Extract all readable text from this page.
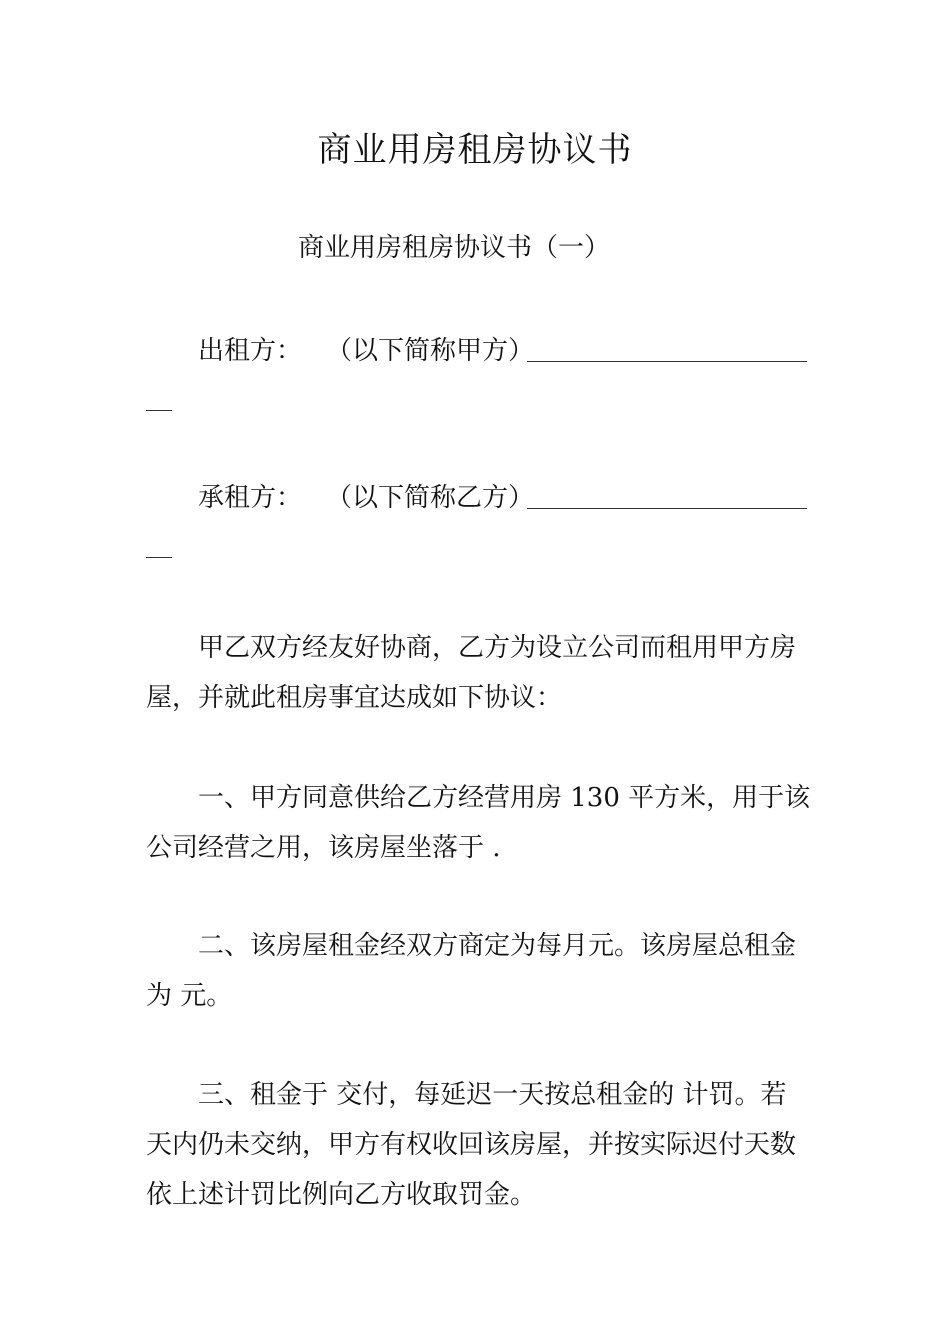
商业用房租房协议书
商业用房租房协议书（一）
出租方： （以下简称甲方）
承租方： （以下简称乙方）
甲乙双方经友好协商，乙方为设立公司而租用甲方房
屋，并就此租房事宜达成如下协议：
一、甲方同意供给乙方经营用房 130 平方米，用于该
公司经营之用，该房屋坐落于 .
二、该房屋租金经双方商定为每月元。该房屋总租金
为 元。
三、租金于 交付，每延迟一天按总租金的 计罚。若
天内仍未交纳，甲方有权收回该房屋，并按实际迟付天数
依上述计罚比例向乙方收取罚金。
